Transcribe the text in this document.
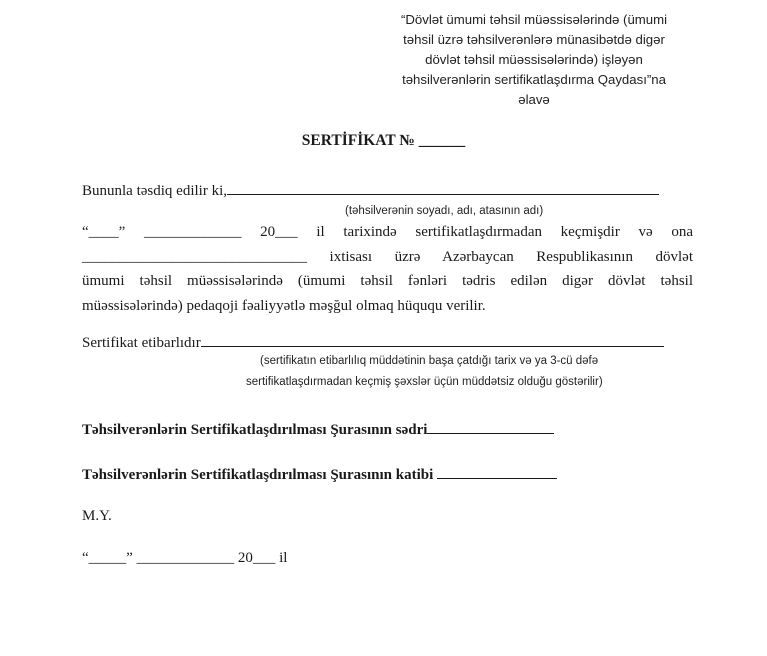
“Dövlət ümumi təhsil müəssisələrində (ümumi
təhsil üzrə təhsilverənlərə münasibətdə digər
dövlət təhsil müəssisələrində) işləyən
təhsilverənlərin sertifikatlaşdırma Qaydası”na
əlavə
SERTİFİKAT № ______
Bununla təsdiq edilir ki,
(təhsilverənin soyadı, adı, atasının adı)
“____” _____________ 20___ il tarixində sertifikatlaşdırmadan keçmişdir və ona
______________________________ ixtisası üzrə Azərbaycan Respublikasının dövlət
ümumi təhsil müəssisələrində (ümumi təhsil fənləri tədris edilən digər dövlət təhsil
müəssisələrində) pedaqoji fəaliyyətlə məşğul olmaq hüququ verilir.
Sertifikat etibarlıdır
(sertifikatın etibarlılıq müddətinin başa çatdığı tarix və ya 3-cü dəfə
sertifikatlaşdırmadan keçmiş şəxslər üçün müddətsiz olduğu göstərilir)
Təhsilverənlərin Sertifikatlaşdırılması Şurasının sədri
Təhsilverənlərin Sertifikatlaşdırılması Şurasının katibi
M.Y.
“_____” _____________ 20___ il
